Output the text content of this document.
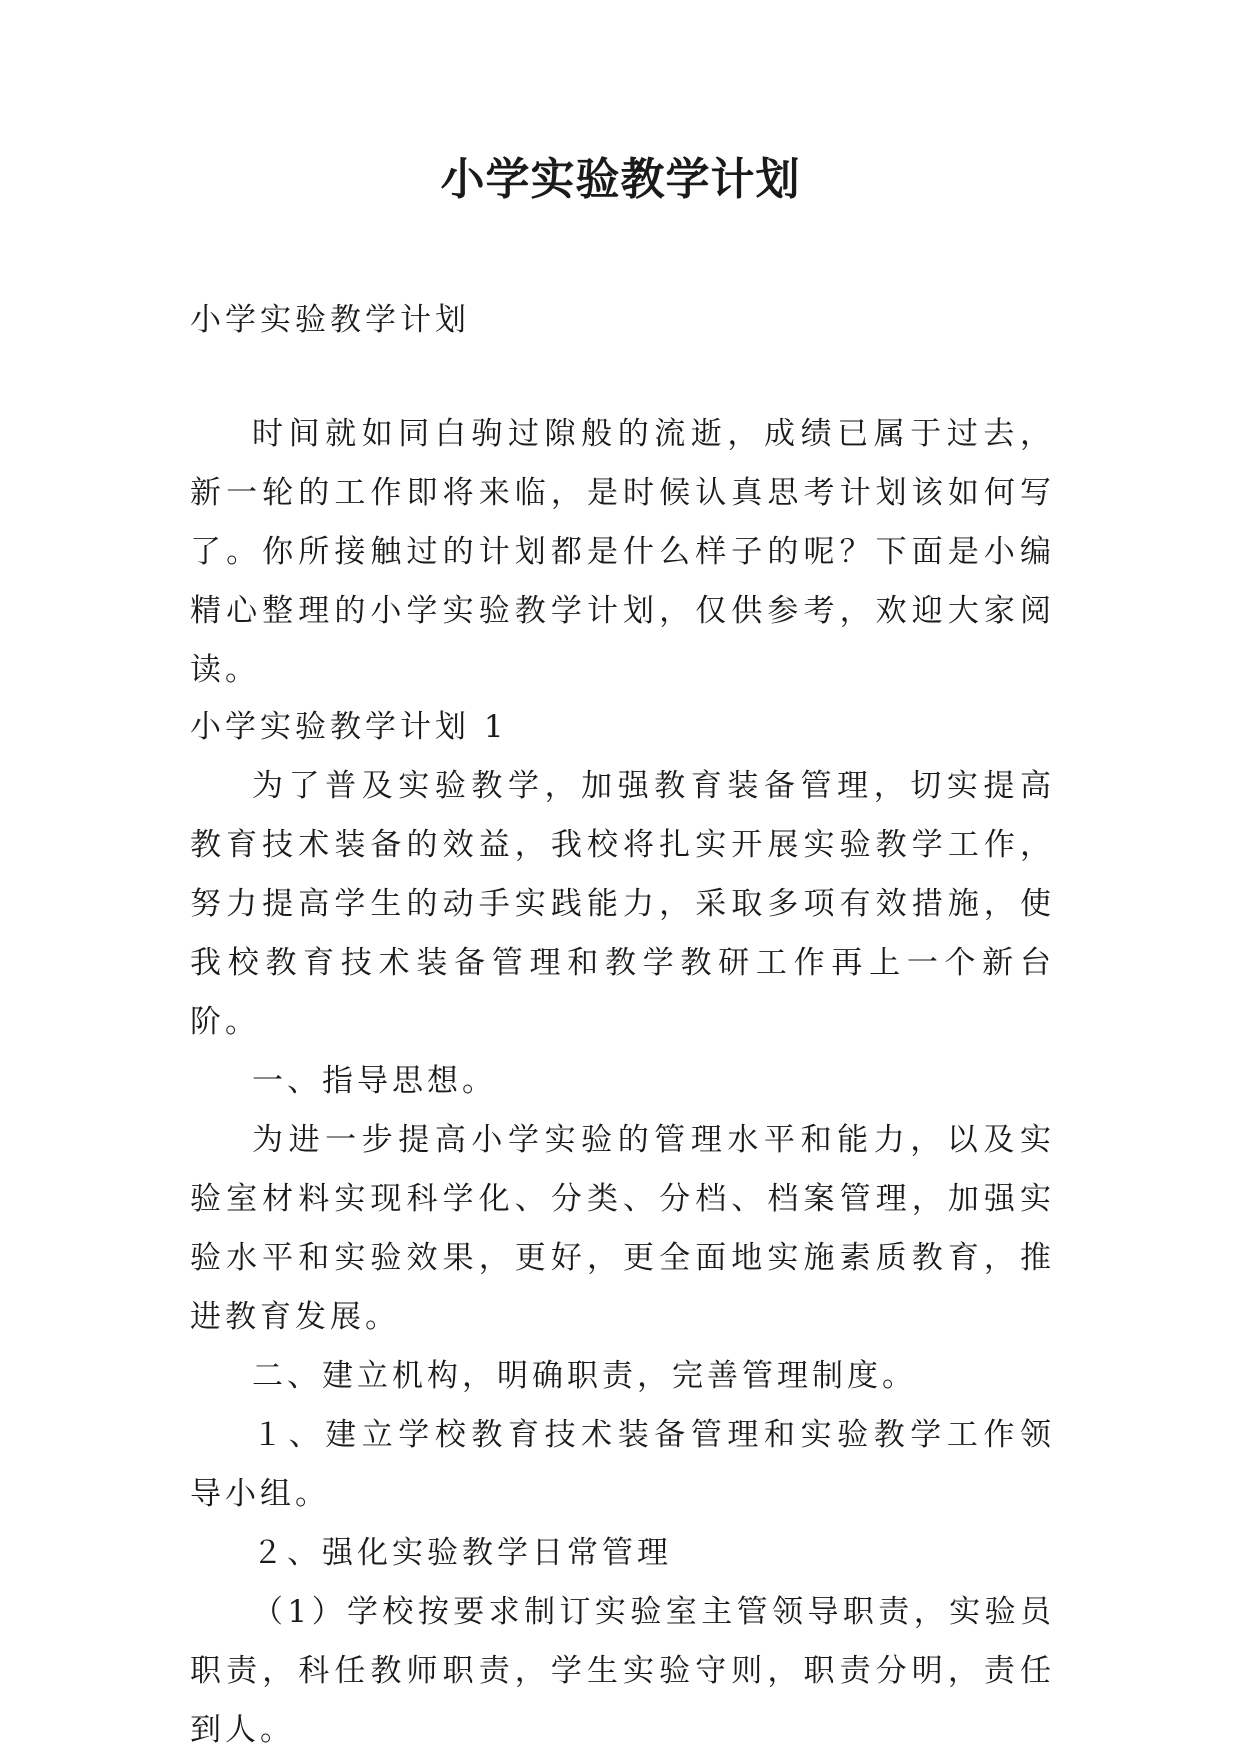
小学实验教学计划

小学实验教学计划

时间就如同白驹过隙般的流逝，成绩已属于过去，新一轮的工作即将来临，是时候认真思考计划该如何写了。你所接触过的计划都是什么样子的呢？下面是小编精心整理的小学实验教学计划，仅供参考，欢迎大家阅读。

小学实验教学计划 1

为了普及实验教学，加强教育装备管理，切实提高教育技术装备的效益，我校将扎实开展实验教学工作，努力提高学生的动手实践能力，采取多项有效措施，使我校教育技术装备管理和教学教研工作再上一个新台阶。

一、指导思想。

为进一步提高小学实验的管理水平和能力，以及实验室材料实现科学化、分类、分档、档案管理，加强实验水平和实验效果，更好，更全面地实施素质教育，推进教育发展。

二、建立机构，明确职责，完善管理制度。

１、建立学校教育技术装备管理和实验教学工作领导小组。

２、强化实验教学日常管理

（1）学校按要求制订实验室主管领导职责，实验员职责，科任教师职责，学生实验守则，职责分明，责任到人。
